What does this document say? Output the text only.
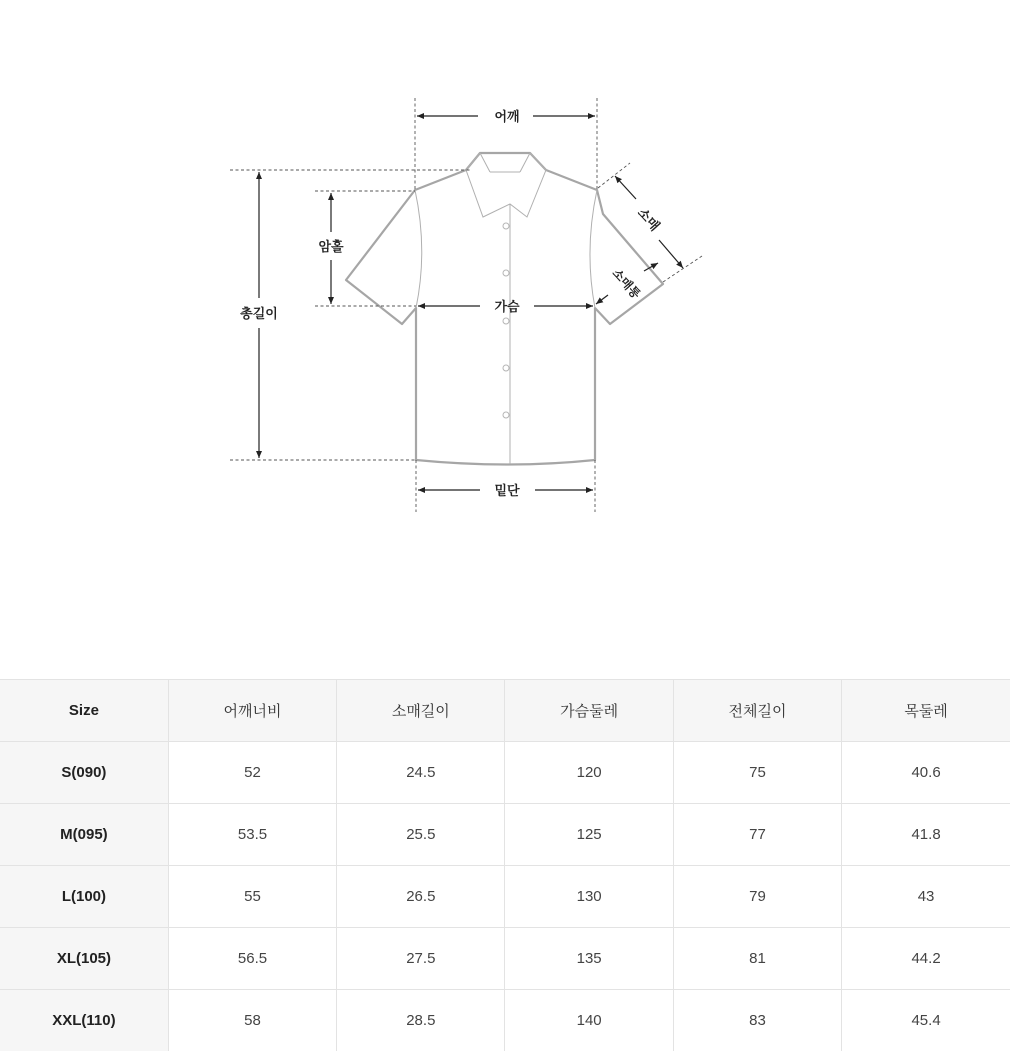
어깨
총길이
암홀
가슴
밑단
소매
소매통
Size	어깨너비	소매길이	가슴둘레	전체길이	목둘레
S(090)	52	24.5	120	75	40.6
M(095)	53.5	25.5	125	77	41.8
L(100)	55	26.5	130	79	43
XL(105)	56.5	27.5	135	81	44.2
XXL(110)	58	28.5	140	83	45.4
